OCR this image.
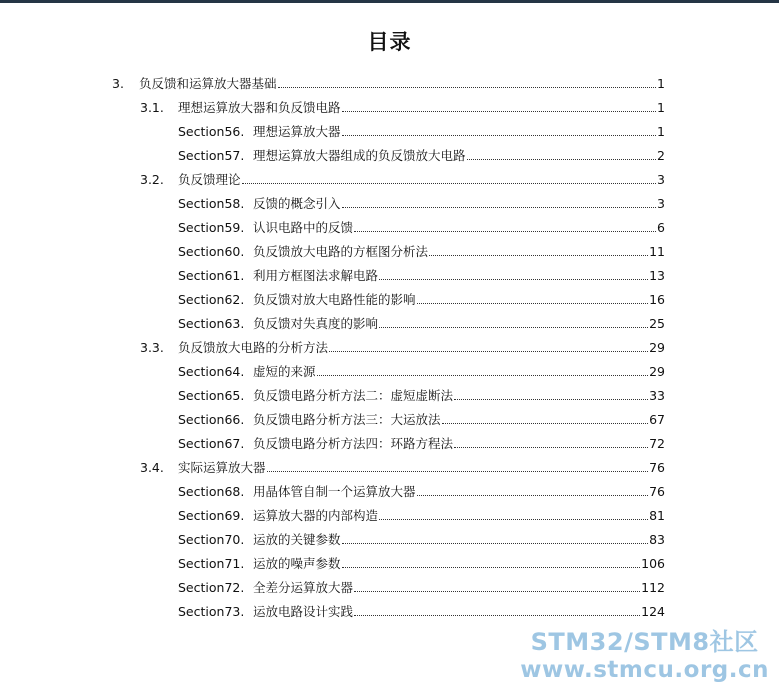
目录
3.	负反馈和运算放大器基础	1
3.1.	理想运算放大器和负反馈电路	1
Section56. 理想运算放大器	1
Section57. 理想运算放大器组成的负反馈放大电路	2
3.2.	负反馈理论	3
Section58. 反馈的概念引入	3
Section59. 认识电路中的反馈	6
Section60. 负反馈放大电路的方框图分析法	11
Section61. 利用方框图法求解电路	13
Section62. 负反馈对放大电路性能的影响	16
Section63. 负反馈对失真度的影响	25
3.3.	负反馈放大电路的分析方法	29
Section64. 虚短的来源	29
Section65. 负反馈电路分析方法二：虚短虚断法	33
Section66. 负反馈电路分析方法三：大运放法	67
Section67. 负反馈电路分析方法四：环路方程法	72
3.4.	实际运算放大器	76
Section68. 用晶体管自制一个运算放大器	76
Section69. 运算放大器的内部构造	81
Section70. 运放的关键参数	83
Section71. 运放的噪声参数	106
Section72. 全差分运算放大器	112
Section73. 运放电路设计实践	124
STM32/STM8社区
www.stmcu.org.cn
